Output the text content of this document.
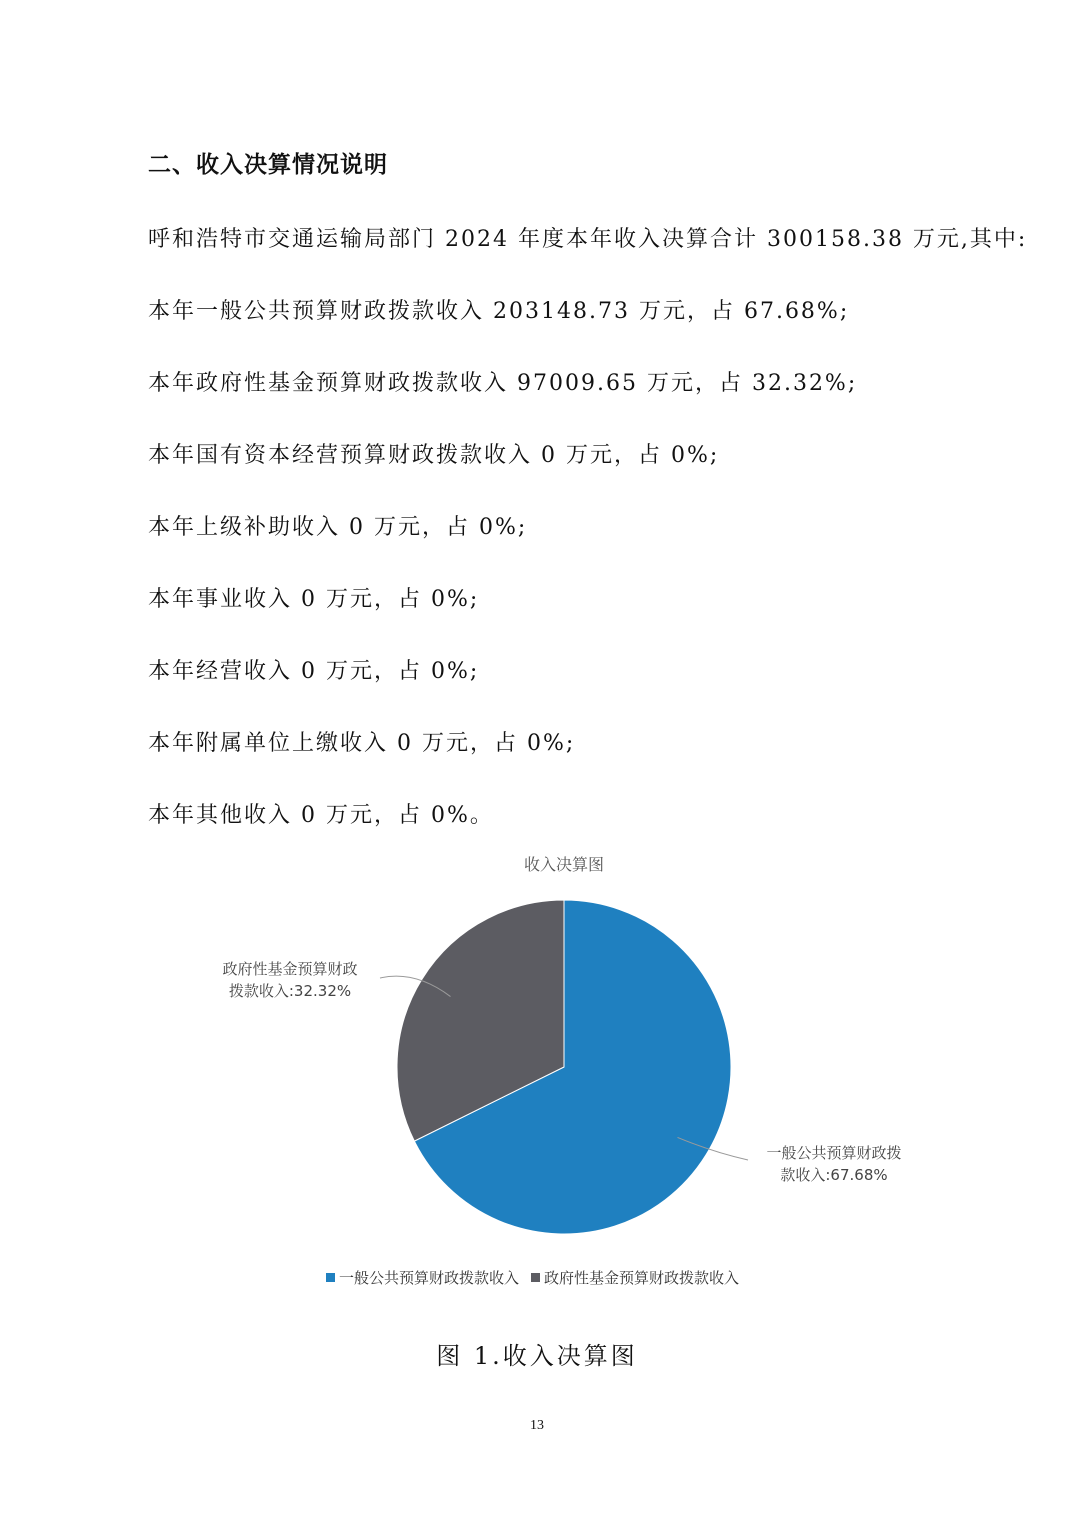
二、收入决算情况说明
呼和浩特市交通运输局部门 2024 年度本年收入决算合计 300158.38 万元,其中:
本年一般公共预算财政拨款收入 203148.73 万元，占 67.68%;
本年政府性基金预算财政拨款收入 97009.65 万元，占 32.32%;
本年国有资本经营预算财政拨款收入 0 万元，占 0%;
本年上级补助收入 0 万元，占 0%;
本年事业收入 0 万元，占 0%;
本年经营收入 0 万元，占 0%;
本年附属单位上缴收入 0 万元，占 0%;
本年其他收入 0 万元，占 0%。
收入决算图
一般公共预算财政拨
款收入:67.68%
政府性基金预算财政
拨款收入:32.32%
一般公共预算财政拨款收入 政府性基金预算财政拨款收入
图 1.收入决算图
13
